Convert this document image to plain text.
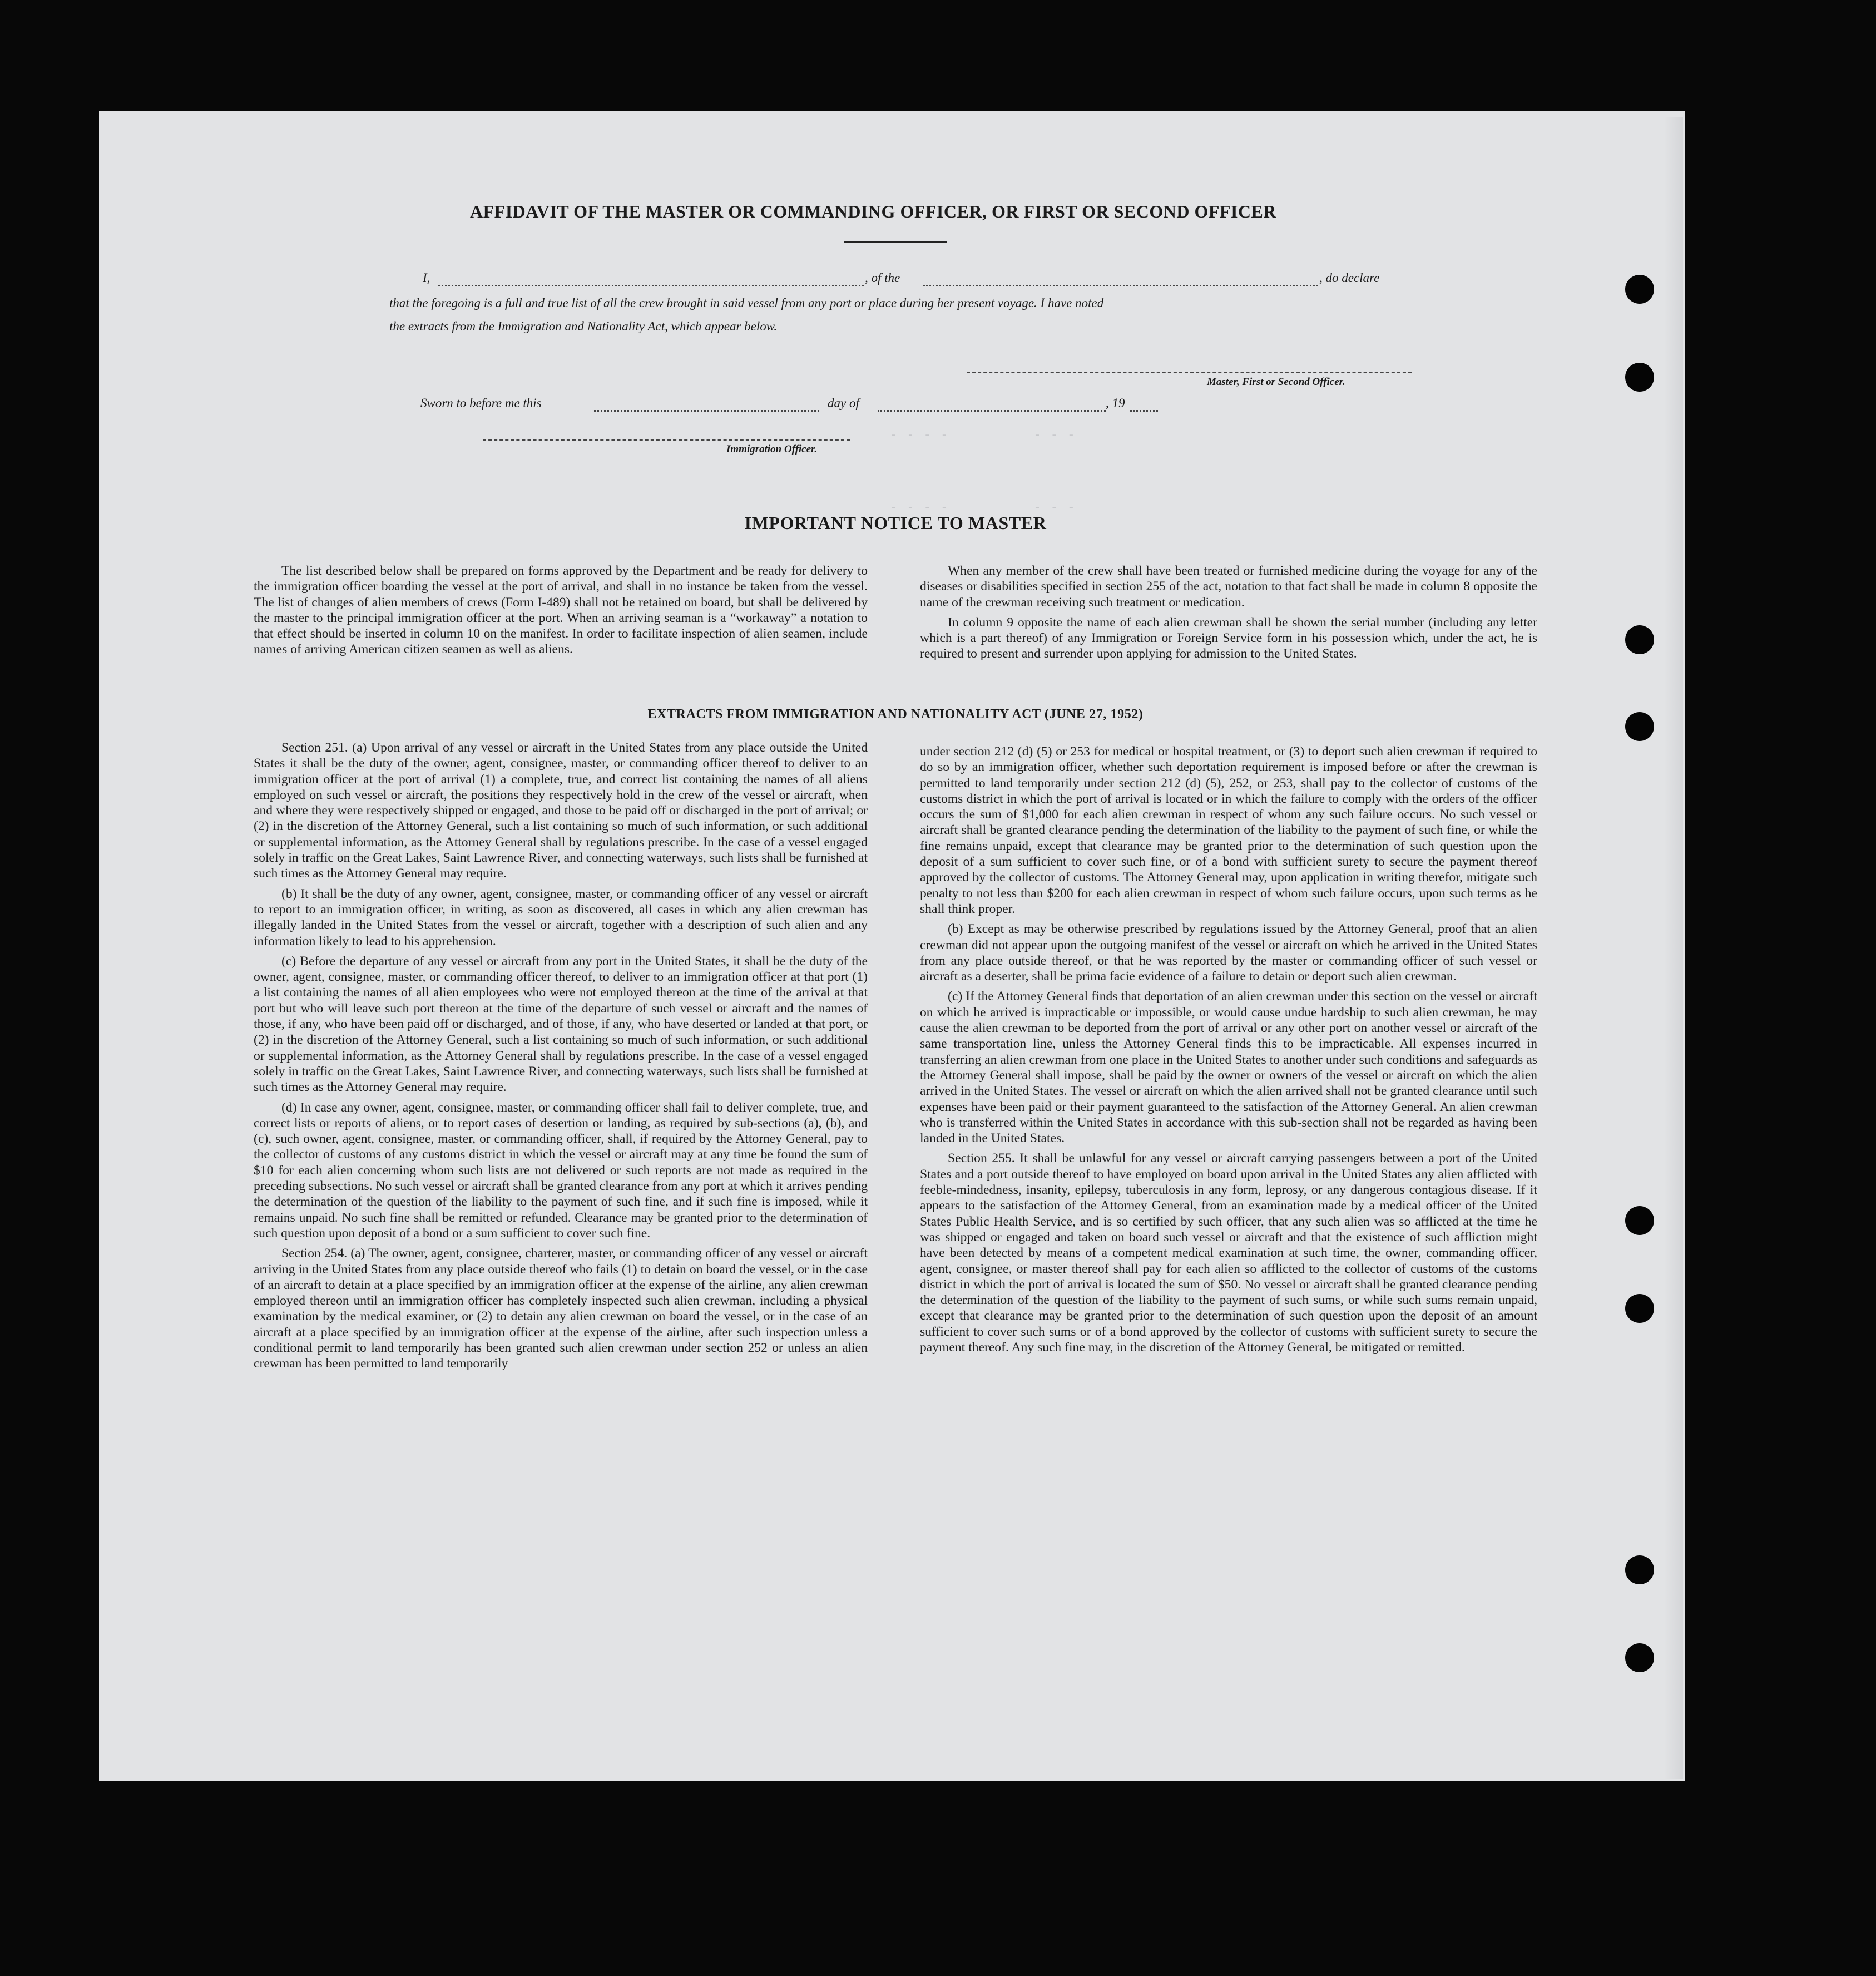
- - - -          - - -
- - - -          - - -
AFFIDAVIT OF THE MASTER OR COMMANDING OFFICER, OR FIRST OR SECOND OFFICER
I,	, of the	, do declare
that the foregoing is a full and true list of all the crew brought in said vessel from any port or place during her present voyage. I have noted
the extracts from the Immigration and Nationality Act, which appear below.
Master, First or Second Officer.
Sworn to before me this	day of	, 19
Immigration Officer.
IMPORTANT NOTICE TO MASTER

The list described below shall be prepared on forms approved by the Department and be ready for delivery to the immigration officer boarding the vessel at the port of arrival, and shall in no instance be taken from the vessel. The list of changes of alien members of crews (Form I-489) shall not be retained on board, but shall be delivered by the master to the principal immigration officer at the port. When an arriving seaman is a “workaway” a notation to that effect should be inserted in column 10 on the manifest. In order to facilitate inspection of alien seamen, include names of arriving American citizen seamen as well as aliens.

When any member of the crew shall have been treated or furnished medicine during the voyage for any of the diseases or disabilities specified in section 255 of the act, notation to that fact shall be made in column 8 opposite the name of the crewman receiving such treatment or medication.

In column 9 opposite the name of each alien crewman shall be shown the serial number (including any letter which is a part thereof) of any Immigration or Foreign Service form in his possession which, under the act, he is required to present and surrender upon applying for admission to the United States.

EXTRACTS FROM IMMIGRATION AND NATIONALITY ACT (JUNE 27, 1952)

Section 251. (a) Upon arrival of any vessel or aircraft in the United States from any place outside the United States it shall be the duty of the owner, agent, consignee, master, or commanding officer thereof to deliver to an immigration officer at the port of arrival (1) a complete, true, and correct list containing the names of all aliens employed on such vessel or aircraft, the positions they respectively hold in the crew of the vessel or aircraft, when and where they were respectively shipped or engaged, and those to be paid off or discharged in the port of arrival; or (2) in the discretion of the Attorney General, such a list containing so much of such information, or such additional or supplemental information, as the Attorney General shall by regulations prescribe. In the case of a vessel engaged solely in traffic on the Great Lakes, Saint Lawrence River, and connecting waterways, such lists shall be furnished at such times as the Attorney General may require.

(b) It shall be the duty of any owner, agent, consignee, master, or commanding officer of any vessel or aircraft to report to an immigration officer, in writing, as soon as discovered, all cases in which any alien crewman has illegally landed in the United States from the vessel or aircraft, together with a description of such alien and any information likely to lead to his apprehension.

(c) Before the departure of any vessel or aircraft from any port in the United States, it shall be the duty of the owner, agent, consignee, master, or commanding officer thereof, to deliver to an immigration officer at that port (1) a list containing the names of all alien employees who were not employed thereon at the time of the arrival at that port but who will leave such port thereon at the time of the departure of such vessel or aircraft and the names of those, if any, who have been paid off or discharged, and of those, if any, who have deserted or landed at that port, or (2) in the discretion of the Attorney General, such a list containing so much of such information, or such additional or supplemental information, as the Attorney General shall by regulations prescribe. In the case of a vessel engaged solely in traffic on the Great Lakes, Saint Lawrence River, and connecting waterways, such lists shall be furnished at such times as the Attorney General may require.

(d) In case any owner, agent, consignee, master, or commanding officer shall fail to deliver complete, true, and correct lists or reports of aliens, or to report cases of desertion or landing, as required by sub-sections (a), (b), and (c), such owner, agent, consignee, master, or commanding officer, shall, if required by the Attorney General, pay to the collector of customs of any customs district in which the vessel or aircraft may at any time be found the sum of $10 for each alien concerning whom such lists are not delivered or such reports are not made as required in the preceding subsections. No such vessel or aircraft shall be granted clearance from any port at which it arrives pending the determination of the question of the liability to the payment of such fine, and if such fine is imposed, while it remains unpaid. No such fine shall be remitted or refunded. Clearance may be granted prior to the determination of such question upon deposit of a bond or a sum sufficient to cover such fine.

Section 254. (a) The owner, agent, consignee, charterer, master, or commanding officer of any vessel or aircraft arriving in the United States from any place outside thereof who fails (1) to detain on board the vessel, or in the case of an aircraft to detain at a place specified by an immigration officer at the expense of the airline, any alien crewman employed thereon until an immigration officer has completely inspected such alien crewman, including a physical examination by the medical examiner, or (2) to detain any alien crewman on board the vessel, or in the case of an aircraft at a place specified by an immigration officer at the expense of the airline, after such inspection unless a conditional permit to land temporarily has been granted such alien crewman under section 252 or unless an alien crewman has been permitted to land temporarily

under section 212 (d) (5) or 253 for medical or hospital treatment, or (3) to deport such alien crewman if required to do so by an immigration officer, whether such deportation requirement is imposed before or after the crewman is permitted to land temporarily under section 212 (d) (5), 252, or 253, shall pay to the collector of customs of the customs district in which the port of arrival is located or in which the failure to comply with the orders of the officer occurs the sum of $1,000 for each alien crewman in respect of whom any such failure occurs. No such vessel or aircraft shall be granted clearance pending the determination of the liability to the payment of such fine, or while the fine remains unpaid, except that clearance may be granted prior to the determination of such question upon the deposit of a sum sufficient to cover such fine, or of a bond with sufficient surety to secure the payment thereof approved by the collector of customs. The Attorney General may, upon application in writing therefor, mitigate such penalty to not less than $200 for each alien crewman in respect of whom such failure occurs, upon such terms as he shall think proper.

(b) Except as may be otherwise prescribed by regulations issued by the Attorney General, proof that an alien crewman did not appear upon the outgoing manifest of the vessel or aircraft on which he arrived in the United States from any place outside thereof, or that he was reported by the master or commanding officer of such vessel or aircraft as a deserter, shall be prima facie evidence of a failure to detain or deport such alien crewman.

(c) If the Attorney General finds that deportation of an alien crewman under this section on the vessel or aircraft on which he arrived is impracticable or impossible, or would cause undue hardship to such alien crewman, he may cause the alien crewman to be deported from the port of arrival or any other port on another vessel or aircraft of the same transportation line, unless the Attorney General finds this to be impracticable. All expenses incurred in transferring an alien crewman from one place in the United States to another under such conditions and safeguards as the Attorney General shall impose, shall be paid by the owner or owners of the vessel or aircraft on which the alien arrived in the United States. The vessel or aircraft on which the alien arrived shall not be granted clearance until such expenses have been paid or their payment guaranteed to the satisfaction of the Attorney General. An alien crewman who is transferred within the United States in accordance with this sub-section shall not be regarded as having been landed in the United States.

Section 255. It shall be unlawful for any vessel or aircraft carrying passengers between a port of the United States and a port outside thereof to have employed on board upon arrival in the United States any alien afflicted with feeble-mindedness, insanity, epilepsy, tuberculosis in any form, leprosy, or any dangerous contagious disease. If it appears to the satisfaction of the Attorney General, from an examination made by a medical officer of the United States Public Health Service, and is so certified by such officer, that any such alien was so afflicted at the time he was shipped or engaged and taken on board such vessel or aircraft and that the existence of such affliction might have been detected by means of a competent medical examination at such time, the owner, commanding officer, agent, consignee, or master thereof shall pay for each alien so afflicted to the collector of customs of the customs district in which the port of arrival is located the sum of $50. No vessel or aircraft shall be granted clearance pending the determination of the question of the liability to the payment of such sums, or while such sums remain unpaid, except that clearance may be granted prior to the determination of such question upon the deposit of an amount sufficient to cover such sums or of a bond approved by the collector of customs with sufficient surety to secure the payment thereof. Any such fine may, in the discretion of the Attorney General, be mitigated or remitted.
